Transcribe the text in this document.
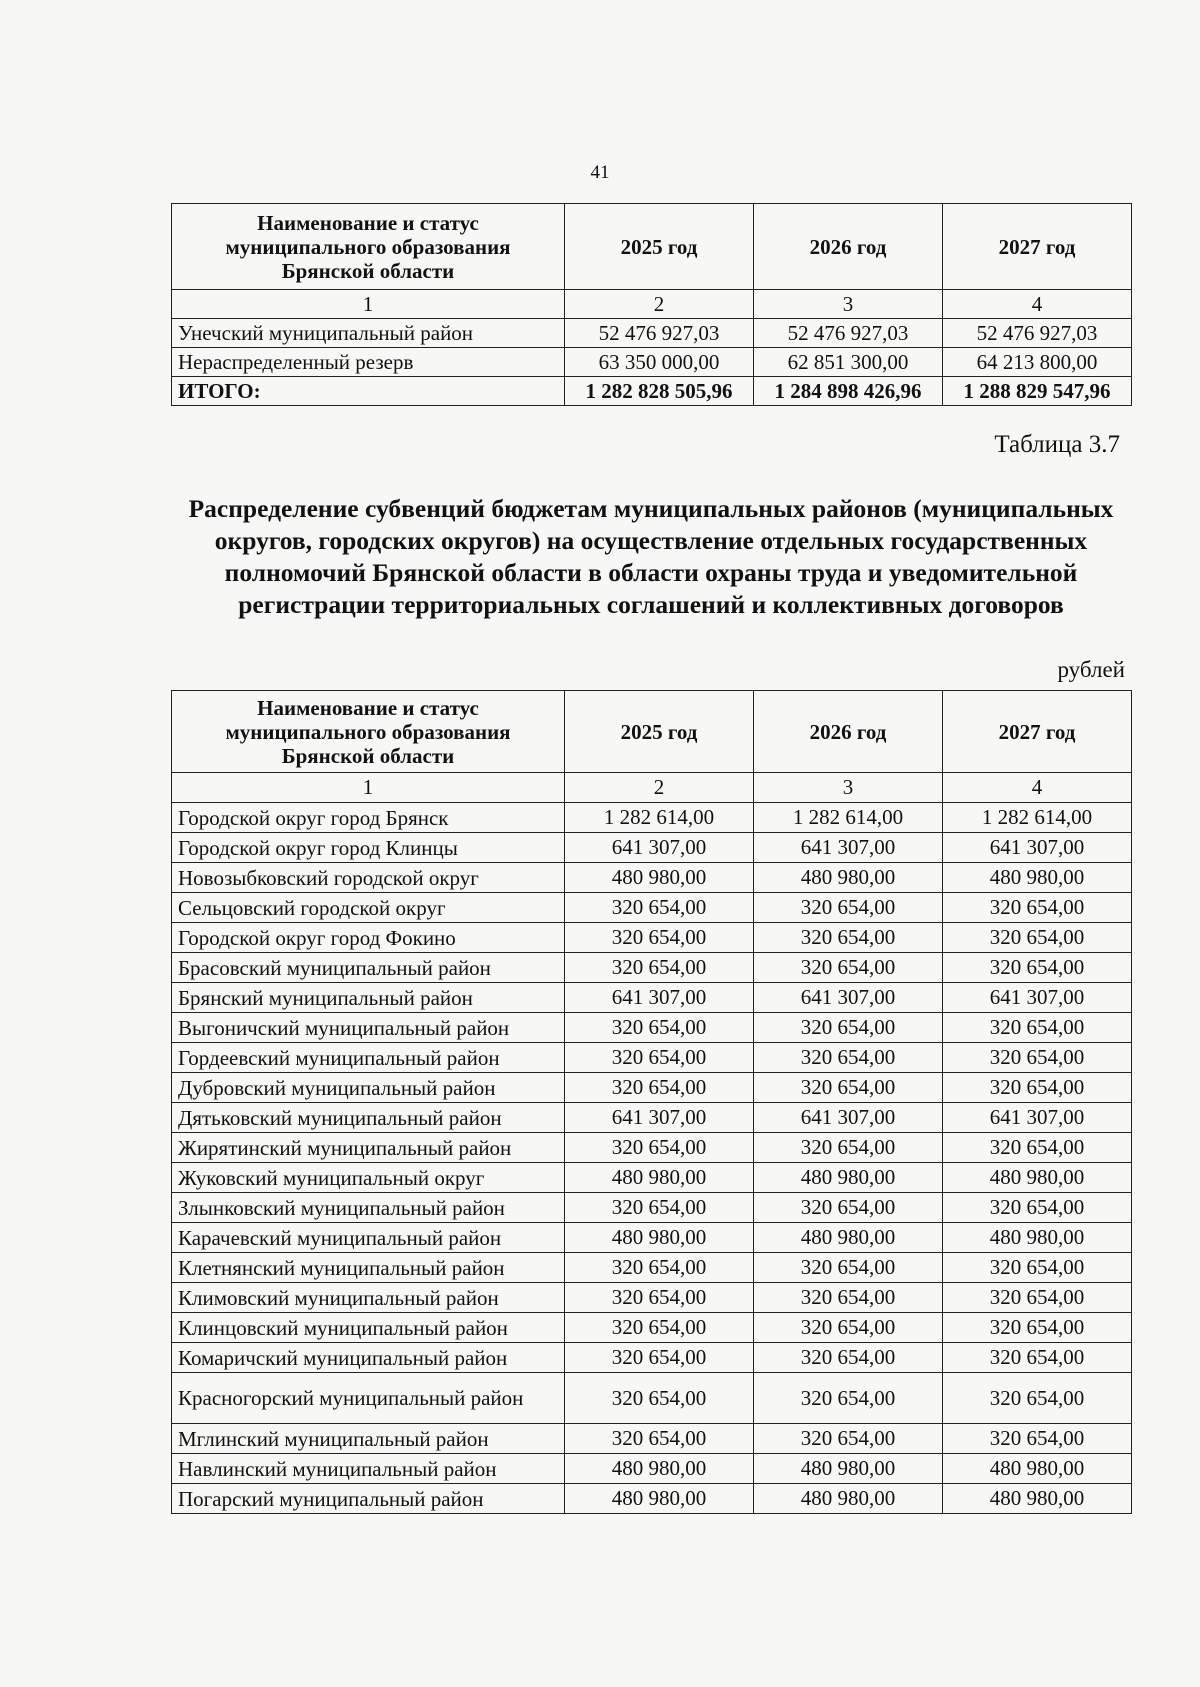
41
Наименование и статус муниципального образования Брянской области	2025 год	2026 год	2027 год
1	2	3	4
Унечский муниципальный район	52 476 927,03	52 476 927,03	52 476 927,03
Нераспределенный резерв	63 350 000,00	62 851 300,00	64 213 800,00
ИТОГО:	1 282 828 505,96	1 284 898 426,96	1 288 829 547,96
Таблица 3.7
Распределение субвенций бюджетам муниципальных районов (муниципальных округов, городских округов) на осуществление отдельных государственных полномочий Брянской области в области охраны труда и уведомительной регистрации территориальных соглашений и коллективных договоров
рублей
Наименование и статус муниципального образования Брянской области	2025 год	2026 год	2027 год
1	2	3	4
Городской округ город Брянск	1 282 614,00	1 282 614,00	1 282 614,00
Городской округ город Клинцы	641 307,00	641 307,00	641 307,00
Новозыбковский городской округ	480 980,00	480 980,00	480 980,00
Сельцовский городской округ	320 654,00	320 654,00	320 654,00
Городской округ город Фокино	320 654,00	320 654,00	320 654,00
Брасовский муниципальный район	320 654,00	320 654,00	320 654,00
Брянский муниципальный район	641 307,00	641 307,00	641 307,00
Выгоничский муниципальный район	320 654,00	320 654,00	320 654,00
Гордеевский муниципальный район	320 654,00	320 654,00	320 654,00
Дубровский муниципальный район	320 654,00	320 654,00	320 654,00
Дятьковский муниципальный район	641 307,00	641 307,00	641 307,00
Жирятинский муниципальный район	320 654,00	320 654,00	320 654,00
Жуковский муниципальный округ	480 980,00	480 980,00	480 980,00
Злынковский муниципальный район	320 654,00	320 654,00	320 654,00
Карачевский муниципальный район	480 980,00	480 980,00	480 980,00
Клетнянский муниципальный район	320 654,00	320 654,00	320 654,00
Климовский муниципальный район	320 654,00	320 654,00	320 654,00
Клинцовский муниципальный район	320 654,00	320 654,00	320 654,00
Комаричский муниципальный район	320 654,00	320 654,00	320 654,00
Красногорский муниципальный район	320 654,00	320 654,00	320 654,00
Мглинский муниципальный район	320 654,00	320 654,00	320 654,00
Навлинский муниципальный район	480 980,00	480 980,00	480 980,00
Погарский муниципальный район	480 980,00	480 980,00	480 980,00
